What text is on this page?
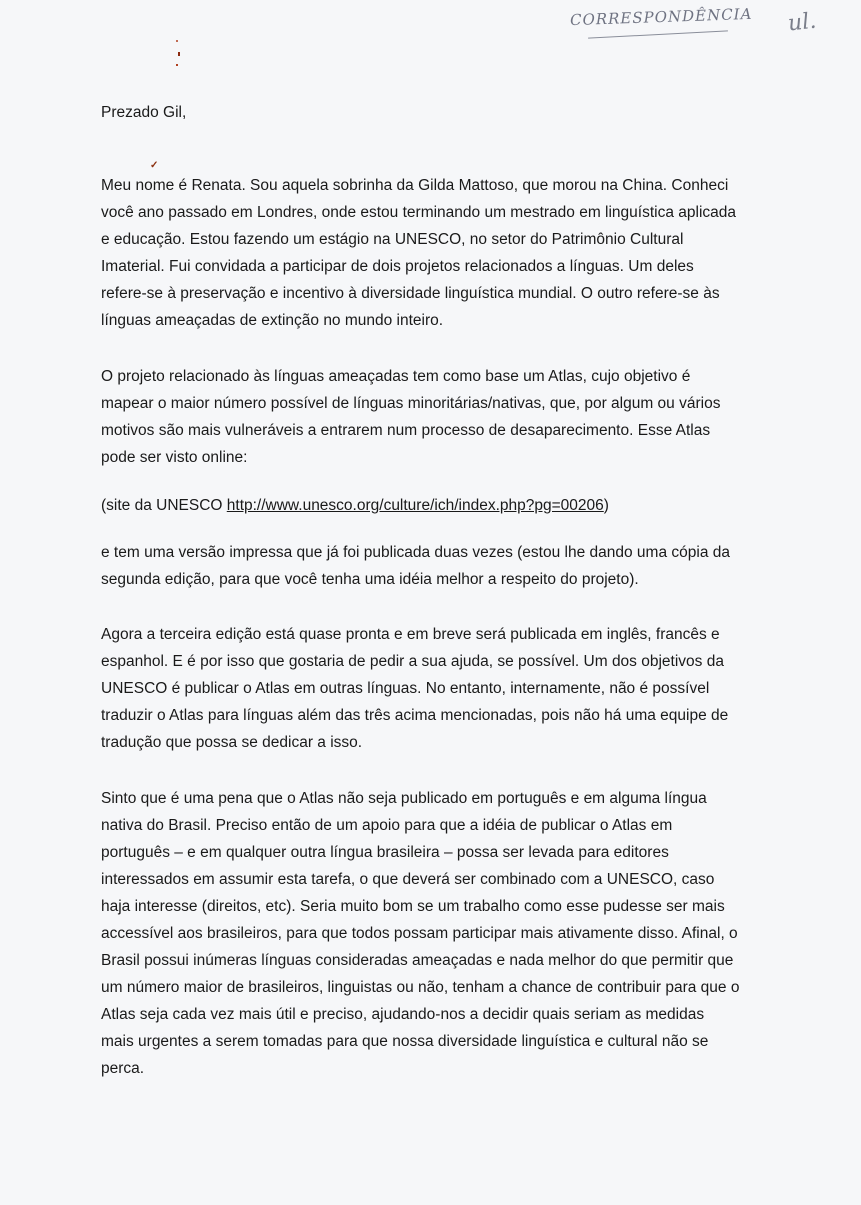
CORRESPONDÊNCIA ul.
✓

Prezado Gil,

Meu nome é Renata. Sou aquela sobrinha da Gilda Mattoso, que morou na China. Conheci
você ano passado em Londres, onde estou terminando um mestrado em linguística aplicada
e educação. Estou fazendo um estágio na UNESCO, no setor do Patrimônio Cultural
Imaterial. Fui convidada a participar de dois projetos relacionados a línguas. Um deles
refere-se à preservação e incentivo à diversidade linguística mundial. O outro refere-se às
línguas ameaçadas de extinção no mundo inteiro.

O projeto relacionado às línguas ameaçadas tem como base um Atlas, cujo objetivo é
mapear o maior número possível de línguas minoritárias/nativas, que, por algum ou vários
motivos são mais vulneráveis a entrarem num processo de desaparecimento. Esse Atlas
pode ser visto online:

(site da UNESCO http://www.unesco.org/culture/ich/index.php?pg=00206)

e tem uma versão impressa que já foi publicada duas vezes (estou lhe dando uma cópia da
segunda edição, para que você tenha uma idéia melhor a respeito do projeto).

Agora a terceira edição está quase pronta e em breve será publicada em inglês, francês e
espanhol. E é por isso que gostaria de pedir a sua ajuda, se possível. Um dos objetivos da
UNESCO é publicar o Atlas em outras línguas. No entanto, internamente, não é possível
traduzir o Atlas para línguas além das três acima mencionadas, pois não há uma equipe de
tradução que possa se dedicar a isso.

Sinto que é uma pena que o Atlas não seja publicado em português e em alguma língua
nativa do Brasil. Preciso então de um apoio para que a idéia de publicar o Atlas em
português – e em qualquer outra língua brasileira – possa ser levada para editores
interessados em assumir esta tarefa, o que deverá ser combinado com a UNESCO, caso
haja interesse (direitos, etc). Seria muito bom se um trabalho como esse pudesse ser mais
accessível aos brasileiros, para que todos possam participar mais ativamente disso. Afinal, o
Brasil possui inúmeras línguas consideradas ameaçadas e nada melhor do que permitir que
um número maior de brasileiros, linguistas ou não, tenham a chance de contribuir para que o
Atlas seja cada vez mais útil e preciso, ajudando-nos a decidir quais seriam as medidas
mais urgentes a serem tomadas para que nossa diversidade linguística e cultural não se
perca.
